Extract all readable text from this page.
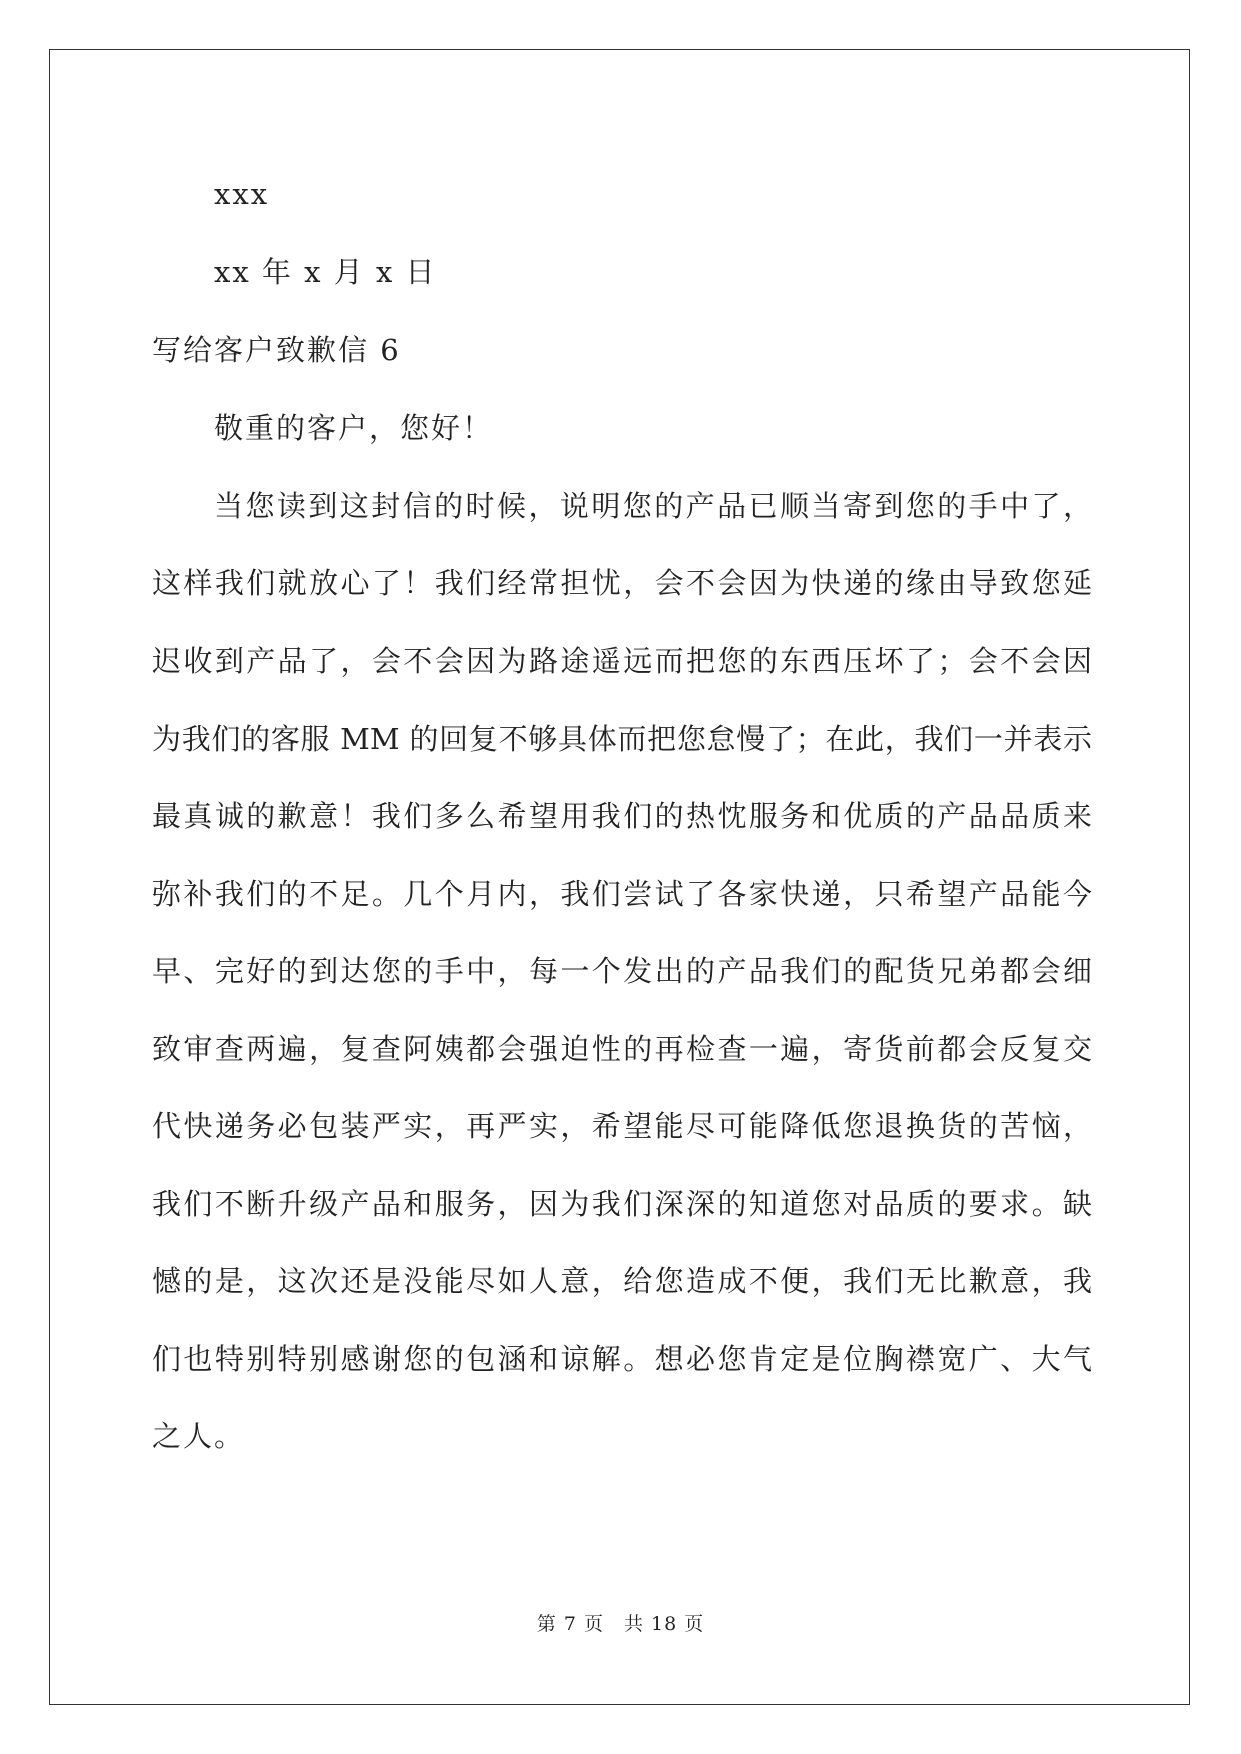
xxx
xx 年 x 月 x 日
写给客户致歉信 6
敬重的客户，您好！
当您读到这封信的时候，说明您的产品已顺当寄到您的手中了，
这样我们就放心了！我们经常担忧，会不会因为快递的缘由导致您延
迟收到产品了，会不会因为路途遥远而把您的东西压坏了；会不会因
为我们的客服 MM 的回复不够具体而把您怠慢了；在此，我们一并表示
最真诚的歉意！我们多么希望用我们的热忱服务和优质的产品品质来
弥补我们的不足。几个月内，我们尝试了各家快递，只希望产品能今
早、完好的到达您的手中，每一个发出的产品我们的配货兄弟都会细
致审查两遍，复查阿姨都会强迫性的再检查一遍，寄货前都会反复交
代快递务必包装严实，再严实，希望能尽可能降低您退换货的苦恼，
我们不断升级产品和服务，因为我们深深的知道您对品质的要求。缺
憾的是，这次还是没能尽如人意，给您造成不便，我们无比歉意，我
们也特别特别感谢您的包涵和谅解。想必您肯定是位胸襟宽广、大气
之人。
第 7 页　共 18 页
